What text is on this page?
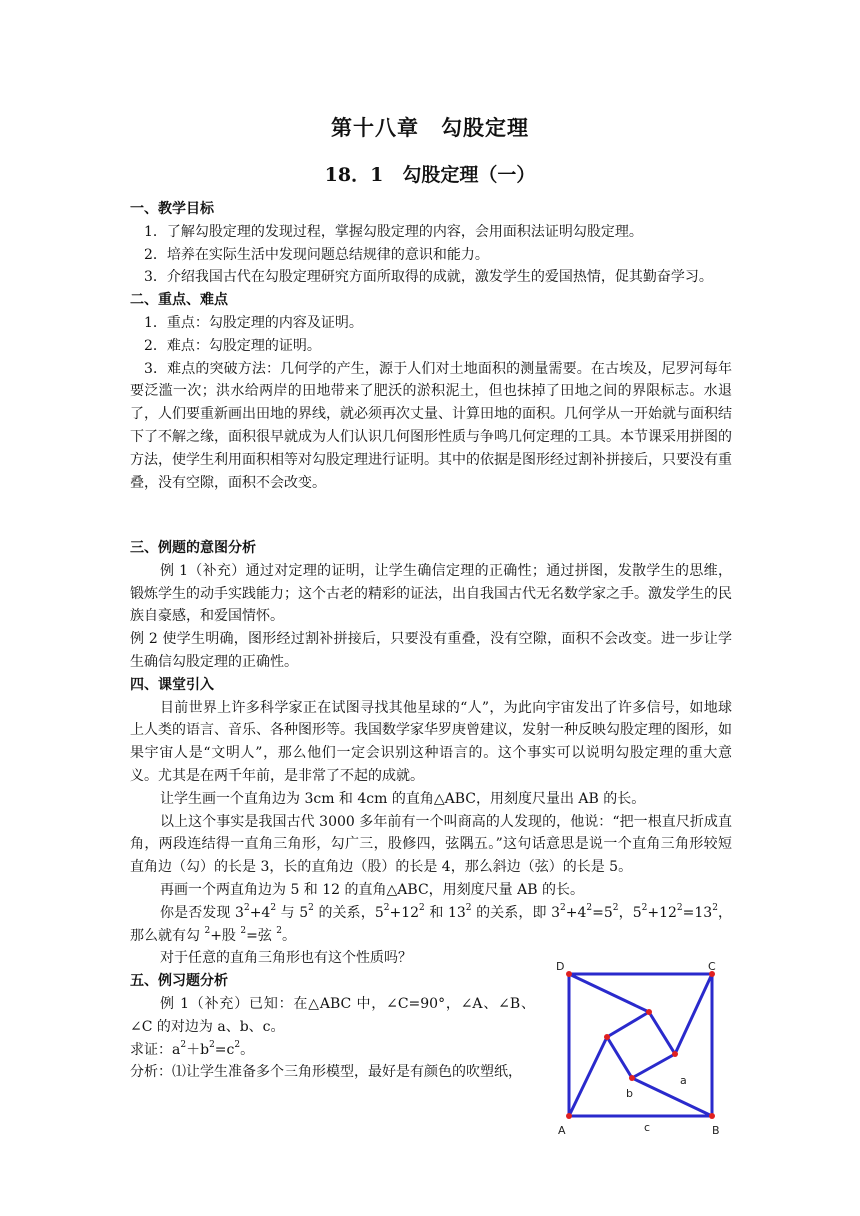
第十八章　勾股定理
18．1　勾股定理（一）

一、教学目标

1．了解勾股定理的发现过程，掌握勾股定理的内容，会用面积法证明勾股定理。

2．培养在实际生活中发现问题总结规律的意识和能力。

3．介绍我国古代在勾股定理研究方面所取得的成就，激发学生的爱国热情，促其勤奋学习。

二、重点、难点

1．重点：勾股定理的内容及证明。

2．难点：勾股定理的证明。

3．难点的突破方法：几何学的产生，源于人们对土地面积的测量需要。在古埃及，尼罗河每年要泛滥一次；洪水给两岸的田地带来了肥沃的淤积泥土，但也抹掉了田地之间的界限标志。水退了，人们要重新画出田地的界线，就必须再次丈量、计算田地的面积。几何学从一开始就与面积结下了不解之缘，面积很早就成为人们认识几何图形性质与争鸣几何定理的工具。本节课采用拼图的方法，使学生利用面积相等对勾股定理进行证明。其中的依据是图形经过割补拼接后，只要没有重叠，没有空隙，面积不会改变。

三、例题的意图分析

例 1（补充）通过对定理的证明，让学生确信定理的正确性；通过拼图，发散学生的思维，锻炼学生的动手实践能力；这个古老的精彩的证法，出自我国古代无名数学家之手。激发学生的民族自豪感，和爱国情怀。

例 2 使学生明确，图形经过割补拼接后，只要没有重叠，没有空隙，面积不会改变。进一步让学生确信勾股定理的正确性。

四、课堂引入

目前世界上许多科学家正在试图寻找其他星球的“人”，为此向宇宙发出了许多信号，如地球上人类的语言、音乐、各种图形等。我国数学家华罗庚曾建议，发射一种反映勾股定理的图形，如果宇宙人是“文明人”，那么他们一定会识别这种语言的。这个事实可以说明勾股定理的重大意义。尤其是在两千年前，是非常了不起的成就。

让学生画一个直角边为 3cm 和 4cm 的直角△ABC，用刻度尺量出 AB 的长。

以上这个事实是我国古代 3000 多年前有一个叫商高的人发现的，他说：“把一根直尺折成直角，两段连结得一直角三角形，勾广三，股修四，弦隅五。”这句话意思是说一个直角三角形较短直角边（勾）的长是 3，长的直角边（股）的长是 4，那么斜边（弦）的长是 5。

再画一个两直角边为 5 和 12 的直角△ABC，用刻度尺量 AB 的长。

你是否发现 $3^2+4^2$ 与 $5^2$ 的关系，$5^2+12^2$ 和 $13^2$ 的关系，即 $3^2+4^2=5^2$，$5^2+12^2=13^2$，那么就有勾 $^2$+股 $^2$=弦 $^2$。

对于任意的直角三角形也有这个性质吗？

五、例习题分析

例 1（补充）已知：在△ABC 中，∠C=90°，∠A、∠B、∠C 的对边为 a、b、c。

求证：$a^2+b^2=c^2$。

分析：⑴让学生准备多个三角形模型，最好是有颜色的吹塑纸，

D	C
A	B
a
b
c
